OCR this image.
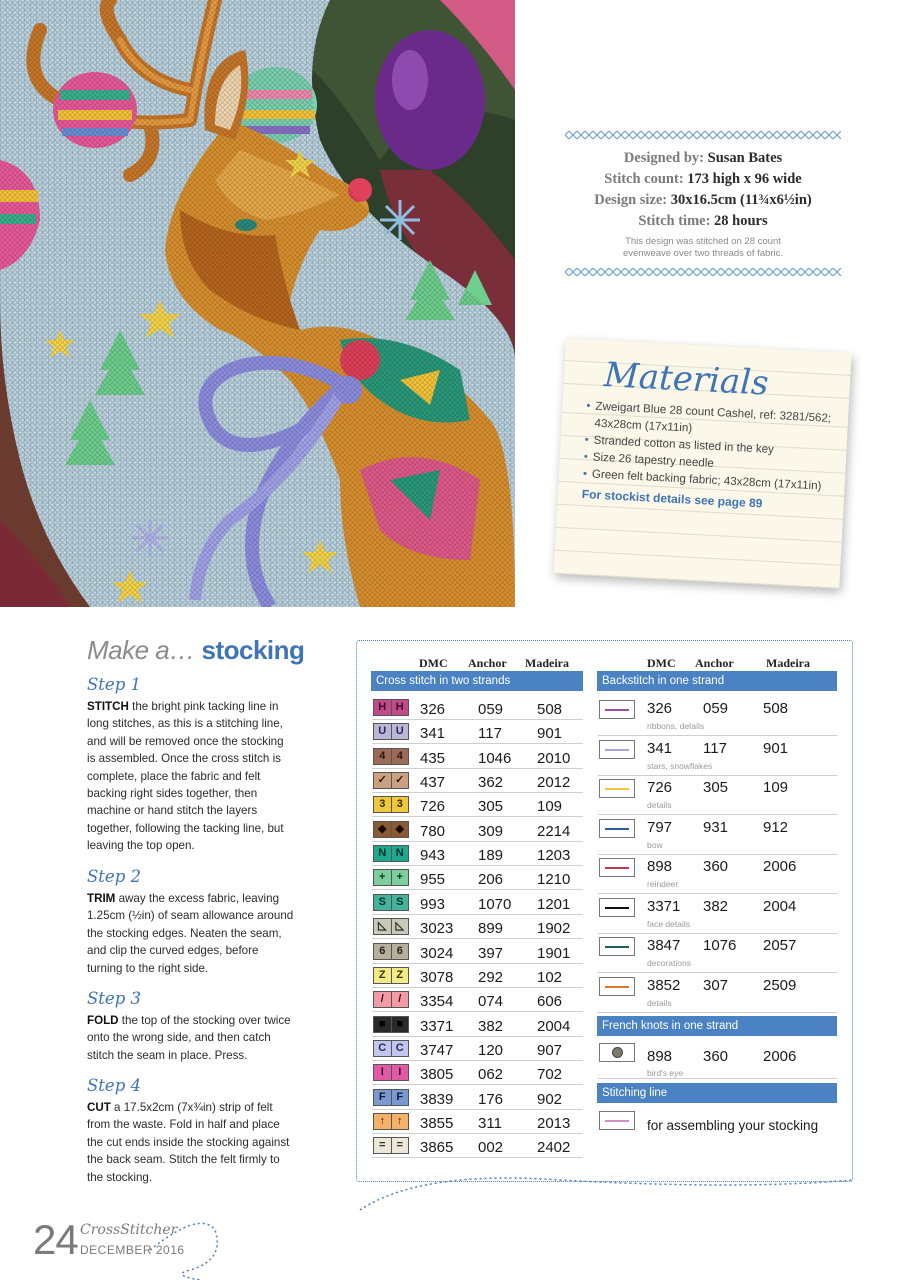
Designed by: Susan Bates
Stitch count: 173 high x 96 wide
Design size: 30x16.5cm (11¾x6½in)
Stitch time: 28 hours
This design was stitched on 28 count evenweave over two threads of fabric.
Materials
• Zweigart Blue 28 count Cashel, ref: 3281/562; 43x28cm (17x11in)
• Stranded cotton as listed in the key
• Size 26 tapestry needle
• Green felt backing fabric; 43x28cm (17x11in)
For stockist details see page 89
Make a… stocking
Step 1

STITCH the bright pink tacking line in long stitches, as this is a stitching line, and will be removed once the stocking is assembled. Once the cross stitch is complete, place the fabric and felt backing right sides together, then machine or hand stitch the layers together, following the tacking line, but leaving the top open.

Step 2

TRIM away the excess fabric, leaving 1.25cm (½in) of seam allowance around the stocking edges. Neaten the seam, and clip the curved edges, before turning to the right side.

Step 3

FOLD the top of the stocking over twice onto the wrong side, and then catch stitch the seam in place. Press.

Step 4

CUT a 17.5x2cm (7x¾in) strip of felt from the waste. Fold in half and place the cut ends inside the stocking against the back seam. Stitch the felt firmly to the stocking.

DMC Anchor Madeira	DMC Anchor	Madeira
Cross stitch in two strands
H H	326 059 508
U U	341 117 901
4	4	435 1046 2010
✓ ✓	437 362 2012
3	3	726 305 109
◆ ◆	780 309 2214
N N	943 189 1203
+	+	955 206 1210
S S	993 1070 1201
◺ ◺	3023 899 1902
6	6	3024 397 1901
Z Z	3078 292 102
/	/	3354 074 606
■ ■	3371 382 2004
C C	3747 120 907
I	I	3805 062 702
F F	3839 176 902
↑	↑	3855 311 2013
=	=	3865 002 2402
Backstitch in one strand
326 059 508
ribbons, details
341 117 901
stars, snowflakes
726 305 109
details
797 931 912
bow
898 360 2006
reindeer
3371 382 2004
face details
3847 1076 2057
decorations
3852 307 2509
details
French knots in one strand
898 360 2006
bird's eye
Stitching line
for assembling your stocking
24 CrossStitcher
DECEMBER 2016
